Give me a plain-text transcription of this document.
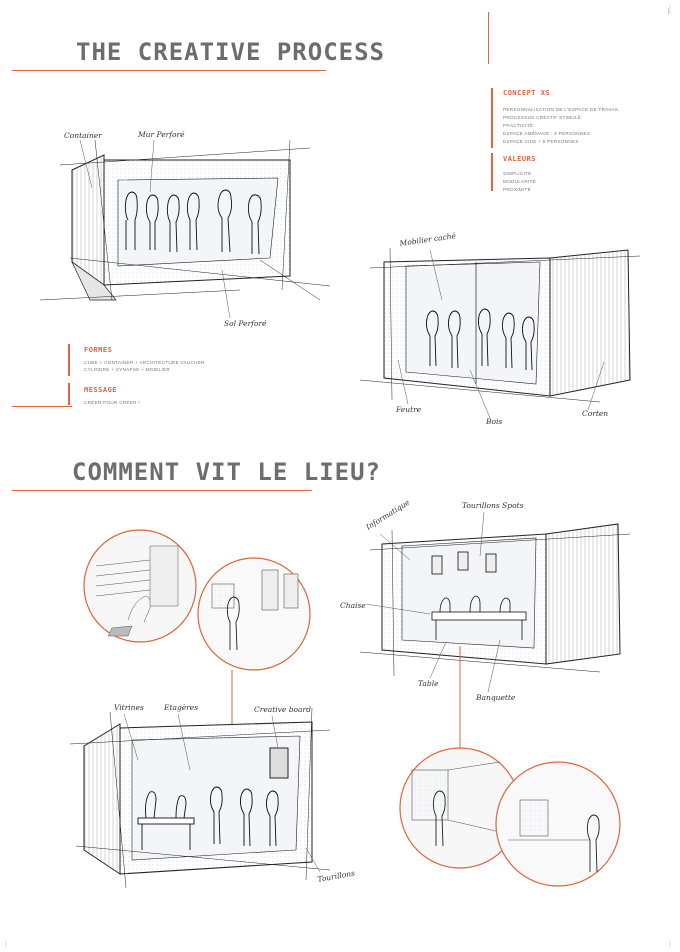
THE CREATIVE PROCESS
CONCEPT XS
PERSONNALISATION DE L'ESPACE DE TRAVAIL
PROCESSUS CRÉATIF STIMULÉ
PRACTICITÉ
ESPACE AMÉNAGÉ : 5 PERSONNES
ESPACE VIDE + 5 PERSONNES
VALEURS
SIMPLICITÉ
MODULARITÉ
PROXIMITÉ
FORMES
CUBE + CONTAINER + ARCHITECTURE VAUCHER
CYLINDRE + SYNAPSE + MOBILIER
MESSAGE
CRÉER POUR CRÉER !
COMMENT VIT LE LIEU?
Container	Mur Perforé
Sol Perforé
Mobilier caché
Feutre
Bois
Corten
Informatique	Tourillons Spots
Chaise
Table
Banquette
Vitrines	Etagères	Creative board
Tourillons
